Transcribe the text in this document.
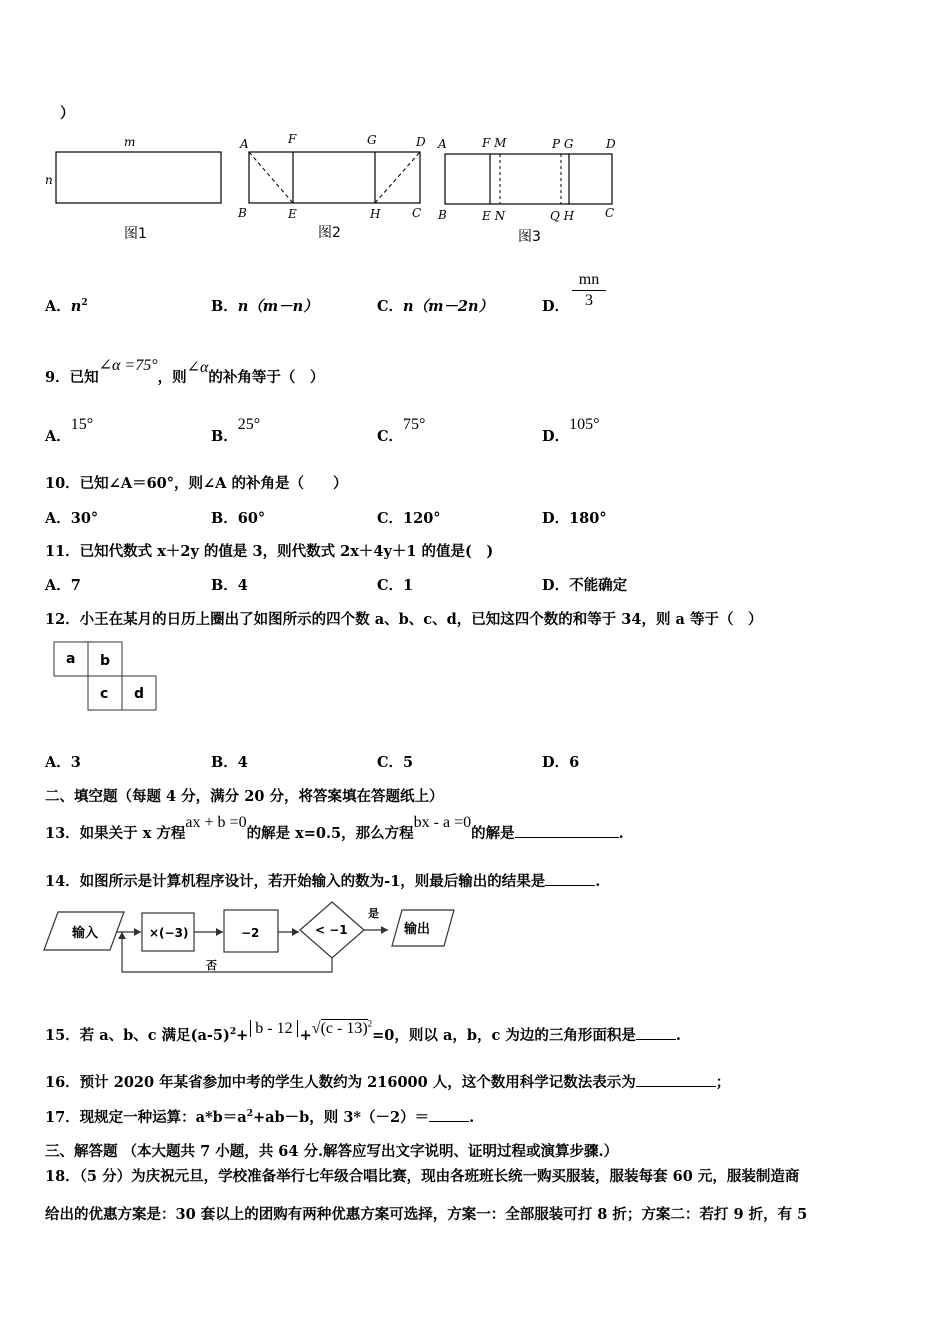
）
m
n
图1
A	F	G	D
B	E	H	C
图2
A	F M	P G	D
B	E N	Q H	C
图3
A．$n^2$	B．n（m－n）	C．n（m－2n）	D．
mn
3
9．已知∠α =75°，则∠α的补角等于（　）
A．15°
B．25°
C．75°
D．105°
10．已知∠A＝60°，则∠A 的补角是（　　）
A．30°	B．60°	C．120°	D．180°
11．已知代数式 x＋2y 的值是 3，则代数式 2x＋4y＋1 的值是(　)
A．7	B．4	C．1	D．不能确定
12．小王在某月的日历上圈出了如图所示的四个数 a、b、c、d，已知这四个数的和等于 34，则 a 等于（　）
a b
c d
A．3	B．4	C．5	D．6
二、填空题（每题 4 分，满分 20 分，将答案填在答题纸上）
13．如果关于 x 方程ax + b =0的解是 x=0.5，那么方程bx - a =0的解是	.
14．如图所示是计算机程序设计，若开始输入的数为-1，则最后输出的结果是	.
输入	×(−3)	−2	< −1
是
输出
否
15．若 a、b、c 满足$(a-5)^2+ b - 12 +√(c - 13)^2=0$，则以 a，b，c 为边的三角形面积是	.
16．预计 2020 年某省参加中考的学生人数约为 216000 人，这个数用科学记数法表示为	；
17．现规定一种运算：$a*b=a^2+ab-b$，则 3*（－2）＝	.
三、解答题 （本大题共 7 小题，共 64 分.解答应写出文字说明、证明过程或演算步骤.）
18．（5 分）为庆祝元旦，学校准备举行七年级合唱比赛，现由各班班长统一购买服装，服装每套 60 元，服装制造商
给出的优惠方案是：30 套以上的团购有两种优惠方案可选择，方案一：全部服装可打 8 折；方案二：若打 9 折，有 5
